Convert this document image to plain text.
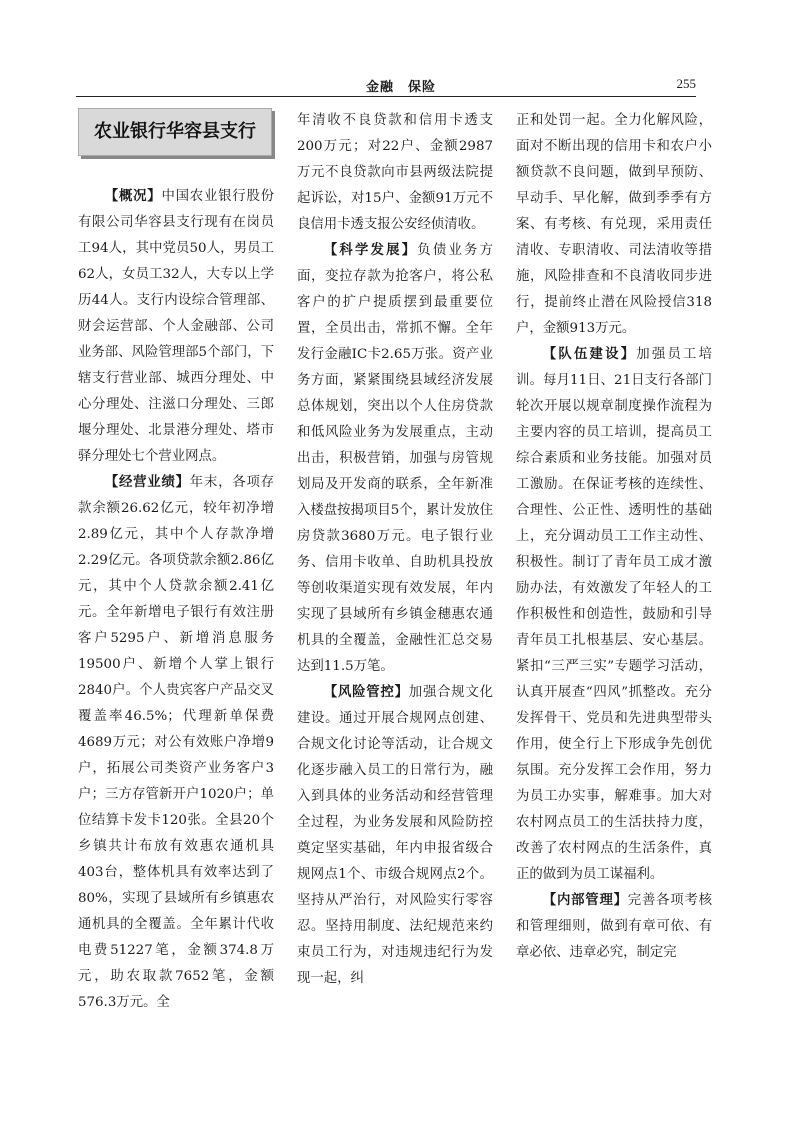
金融　保险	255
农业银行华容县支行

【概况】中国农业银行股份有限公司华容县支行现有在岗员工94人，其中党员50人，男员工62人，女员工32人，大专以上学历44人。支行内设综合管理部、财会运营部、个人金融部、公司业务部、风险管理部5个部门，下辖支行营业部、城西分理处、中心分理处、注滋口分理处、三郎堰分理处、北景港分理处、塔市驿分理处七个营业网点。

【经营业绩】年末，各项存款余额26.62亿元，较年初净增2.89亿元，其中个人存款净增2.29亿元。各项贷款余额2.86亿元，其中个人贷款余额2.41亿元。全年新增电子银行有效注册客户5295户、新增消息服务19500户、新增个人掌上银行2840户。个人贵宾客户产品交叉覆盖率46.5%；代理新单保费4689万元；对公有效账户净增9户，拓展公司类资产业务客户3户；三方存管新开户1020户；单位结算卡发卡120张。全县20个乡镇共计布放有效惠农通机具403台，整体机具有效率达到了80%，实现了县域所有乡镇惠农通机具的全覆盖。全年累计代收电费51227笔，金额374.8万元，助农取款7652笔，金额576.3万元。全

年清收不良贷款和信用卡透支200万元；对22户、金额2987万元不良贷款向市县两级法院提起诉讼，对15户、金额91万元不良信用卡透支报公安经侦清收。

【科学发展】负债业务方面，变拉存款为抢客户，将公私客户的扩户提质摆到最重要位置，全员出击，常抓不懈。全年发行金融IC卡2.65万张。资产业务方面，紧紧围绕县域经济发展总体规划，突出以个人住房贷款和低风险业务为发展重点，主动出击，积极营销，加强与房管规划局及开发商的联系，全年新准入楼盘按揭项目5个，累计发放住房贷款3680万元。电子银行业务、信用卡收单、自助机具投放等创收渠道实现有效发展，年内实现了县域所有乡镇金穗惠农通机具的全覆盖，金融性汇总交易达到11.5万笔。

【风险管控】加强合规文化建设。通过开展合规网点创建、合规文化讨论等活动，让合规文化逐步融入员工的日常行为，融入到具体的业务活动和经营管理全过程，为业务发展和风险防控奠定坚实基础，年内申报省级合规网点1个、市级合规网点2个。坚持从严治行，对风险实行零容忍。坚持用制度、法纪规范来约束员工行为，对违规违纪行为发现一起，纠

正和处罚一起。全力化解风险，面对不断出现的信用卡和农户小额贷款不良问题，做到早预防、早动手、早化解，做到季季有方案、有考核、有兑现，采用责任清收、专职清收、司法清收等措施，风险排查和不良清收同步进行，提前终止潜在风险授信318户，金额913万元。

【队伍建设】加强员工培训。每月11日、21日支行各部门轮次开展以规章制度操作流程为主要内容的员工培训，提高员工综合素质和业务技能。加强对员工激励。在保证考核的连续性、合理性、公正性、透明性的基础上，充分调动员工工作主动性、积极性。制订了青年员工成才激励办法，有效激发了年轻人的工作积极性和创造性，鼓励和引导青年员工扎根基层、安心基层。紧扣“三严三实”专题学习活动，认真开展查“四风”抓整改。充分发挥骨干、党员和先进典型带头作用，使全行上下形成争先创优氛围。充分发挥工会作用，努力为员工办实事，解难事。加大对农村网点员工的生活扶持力度，改善了农村网点的生活条件，真正的做到为员工谋福利。

【内部管理】完善各项考核和管理细则，做到有章可依、有章必依、违章必究，制定完
